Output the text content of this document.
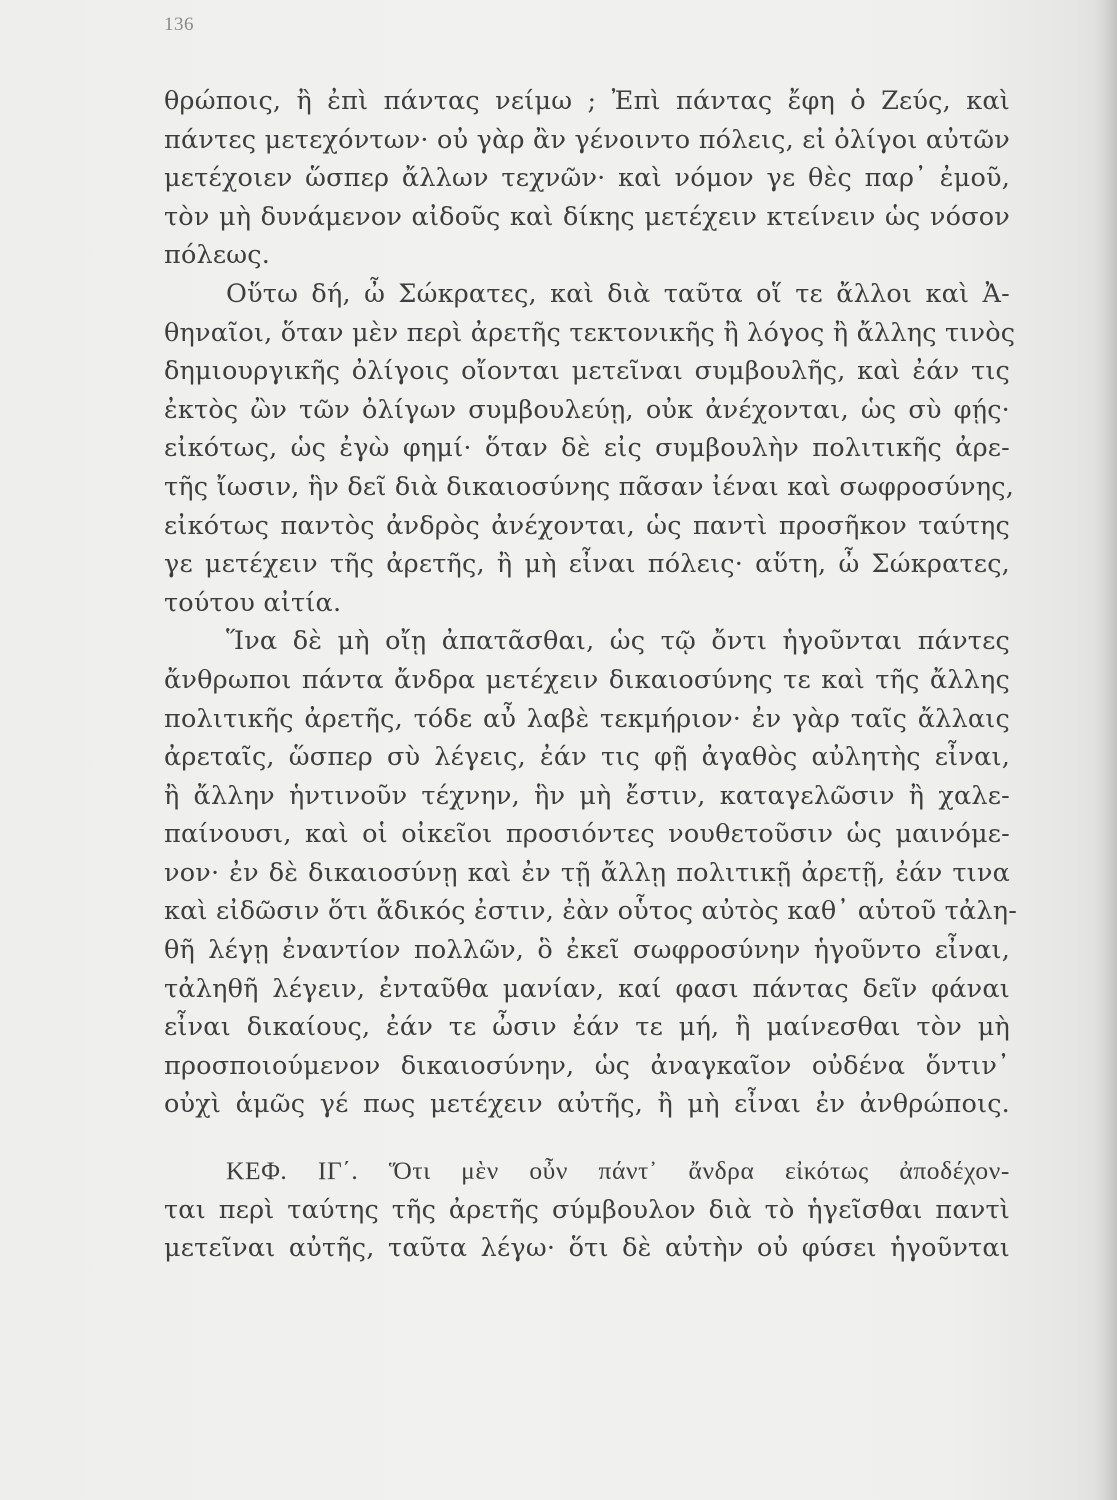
136
θρώποις, ἢ ἐπὶ πάντας νείμω ; Ἐπὶ πάντας ἔφη ὁ Ζεύς, καὶ
πάντες μετεχόντων· οὐ γὰρ ἂν γένοιντο πόλεις, εἰ ὀλίγοι αὐτῶν
μετέχοιεν ὥσπερ ἄλλων τεχνῶν· καὶ νόμον γε θὲς παρ᾽ ἐμοῦ,
τὸν μὴ δυνάμενον αἰδοῦς καὶ δίκης μετέχειν κτείνειν ὡς νόσον
πόλεως.
Οὕτω δή, ὦ Σώκρατες, καὶ διὰ ταῦτα οἵ τε ἄλλοι καὶ Ἀ-
θηναῖοι, ὅταν μὲν περὶ ἀρετῆς τεκτονικῆς ἢ λόγος ἢ ἄλλης τινὸς
δημιουργικῆς ὀλίγοις οἴονται μετεῖναι συμβουλῆς, καὶ ἐάν τις
ἐκτὸς ὢν τῶν ὀλίγων συμβουλεύῃ, οὐκ ἀνέχονται, ὡς σὺ φῄς·
εἰκότως, ὡς ἐγὼ φημί· ὅταν δὲ εἰς συμβουλὴν πολιτικῆς ἀρε-
τῆς ἴωσιν, ἣν δεῖ διὰ δικαιοσύνης πᾶσαν ἰέναι καὶ σωφροσύνης,
εἰκότως παντὸς ἀνδρὸς ἀνέχονται, ὡς παντὶ προσῆκον ταύτης
γε μετέχειν τῆς ἀρετῆς, ἢ μὴ εἶναι πόλεις· αὕτη, ὦ Σώκρατες,
τούτου αἰτία.
Ἵνα δὲ μὴ οἴῃ ἀπατᾶσθαι, ὡς τῷ ὄντι ἡγοῦνται πάντες
ἄνθρωποι πάντα ἄνδρα μετέχειν δικαιοσύνης τε καὶ τῆς ἄλλης
πολιτικῆς ἀρετῆς, τόδε αὖ λαβὲ τεκμήριον· ἐν γὰρ ταῖς ἄλλαις
ἀρεταῖς, ὥσπερ σὺ λέγεις, ἐάν τις φῇ ἀγαθὸς αὐλητὴς εἶναι,
ἢ ἄλλην ἡντινοῦν τέχνην, ἣν μὴ ἔστιν, καταγελῶσιν ἢ χαλε-
παίνουσι, καὶ οἱ οἰκεῖοι προσιόντες νουθετοῦσιν ὡς μαινόμε-
νον· ἐν δὲ δικαιοσύνῃ καὶ ἐν τῇ ἄλλῃ πολιτικῇ ἀρετῇ, ἐάν τινα
καὶ εἰδῶσιν ὅτι ἄδικός ἐστιν, ἐὰν οὗτος αὐτὸς καθ᾽ αὑτοῦ τἀλη-
θῆ λέγῃ ἐναντίον πολλῶν, ὃ ἐκεῖ σωφροσύνην ἡγοῦντο εἶναι,
τἀληθῆ λέγειν, ἐνταῦθα μανίαν, καί φασι πάντας δεῖν φάναι
εἶναι δικαίους, ἐάν τε ὦσιν ἐάν τε μή, ἢ μαίνεσθαι τὸν μὴ
προσποιούμενον δικαιοσύνην, ὡς ἀναγκαῖον οὐδένα ὅντιν᾽
οὐχὶ ἁμῶς γέ πως μετέχειν αὐτῆς, ἢ μὴ εἶναι ἐν ἀνθρώποις.
ΚΕΦ. ΙΓ΄. Ὅτι μὲν οὖν πάντ᾽ ἄνδρα εἰκότως ἀποδέχον-
ται περὶ ταύτης τῆς ἀρετῆς σύμβουλον διὰ τὸ ἡγεῖσθαι παντὶ
μετεῖναι αὐτῆς, ταῦτα λέγω· ὅτι δὲ αὐτὴν οὐ φύσει ἡγοῦνται
